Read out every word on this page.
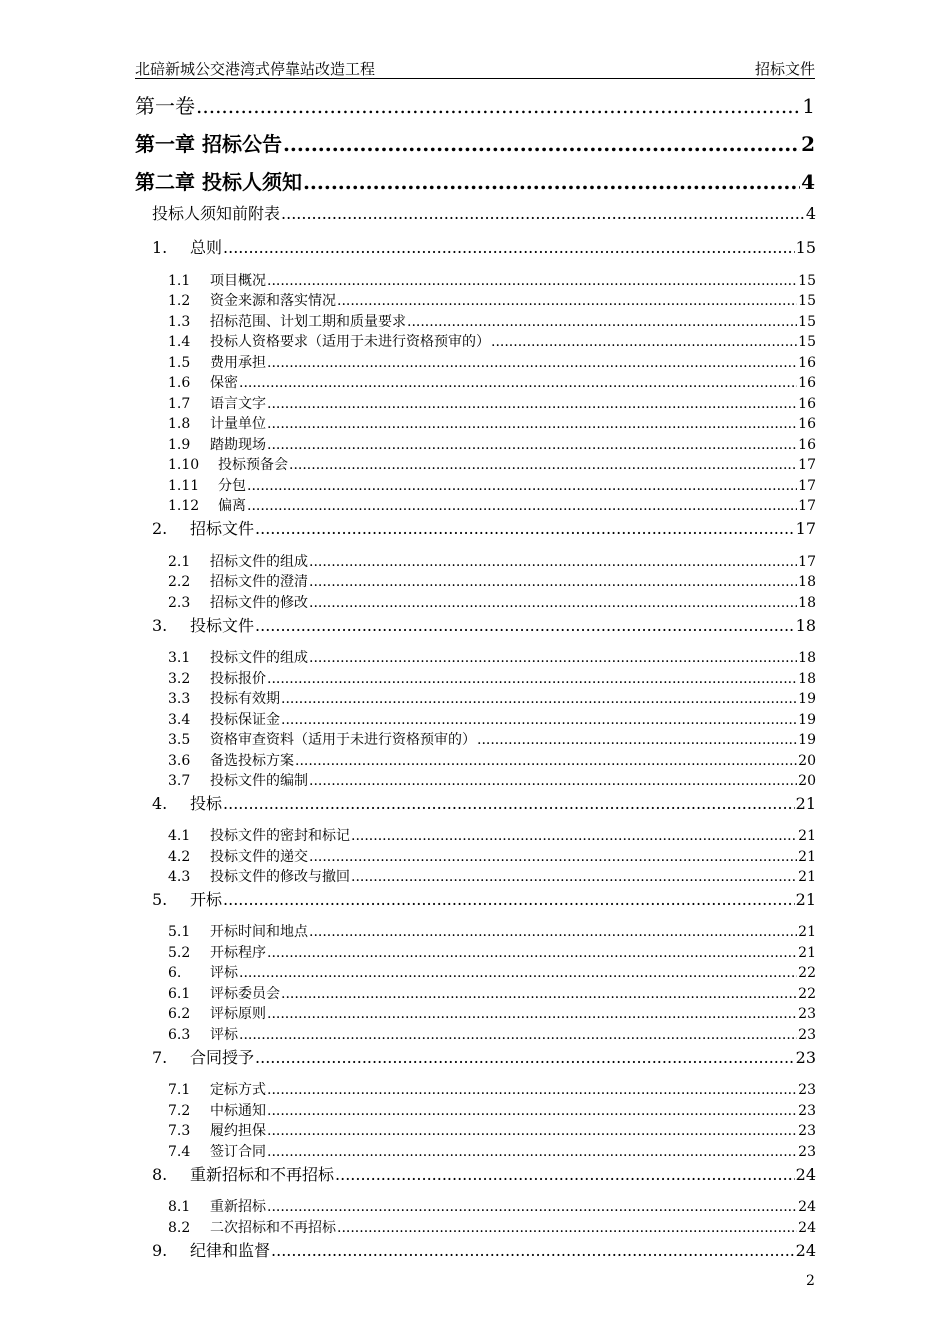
北碚新城公交港湾式停靠站改造工程	招标文件
第一卷 .....	1
第一章 招标公告 .....	2
第二章 投标人须知 .....	4
投标人须知前附表 .....	4
1.	总则 .....	15
1.1	项目概况 .....	15
1.2	资金来源和落实情况 .....	15
1.3	招标范围、计划工期和质量要求 .....	15
1.4	投标人资格要求（适用于未进行资格预审的） .....	15
1.5	费用承担 .....	16
1.6	保密 .....	16
1.7	语言文字 .....	16
1.8	计量单位 .....	16
1.9	踏勘现场 .....	16
1.10	投标预备会 .....	17
1.11	分包 .....	17
1.12	偏离 .....	17
2.	招标文件 .....	17
2.1	招标文件的组成 .....	17
2.2	招标文件的澄清 .....	18
2.3	招标文件的修改 .....	18
3.	投标文件 .....	18
3.1	投标文件的组成 .....	18
3.2	投标报价 .....	18
3.3	投标有效期 .....	19
3.4	投标保证金 .....	19
3.5	资格审查资料（适用于未进行资格预审的） .....	19
3.6	备选投标方案 .....	20
3.7	投标文件的编制 .....	20
4.	投标 .....	21
4.1	投标文件的密封和标记 .....	21
4.2	投标文件的递交 .....	21
4.3	投标文件的修改与撤回 .....	21
5.	开标 .....	21
5.1	开标时间和地点 .....	21
5.2	开标程序 .....	21
6.	评标 .....	22
6.1	评标委员会 .....	22
6.2	评标原则 .....	23
6.3	评标 .....	23
7.	合同授予 .....	23
7.1	定标方式 .....	23
7.2	中标通知 .....	23
7.3	履约担保 .....	23
7.4	签订合同 .....	23
8.	重新招标和不再招标 .....	24
8.1	重新招标 .....	24
8.2	二次招标和不再招标 .....	24
9.	纪律和监督 .....	24
2
